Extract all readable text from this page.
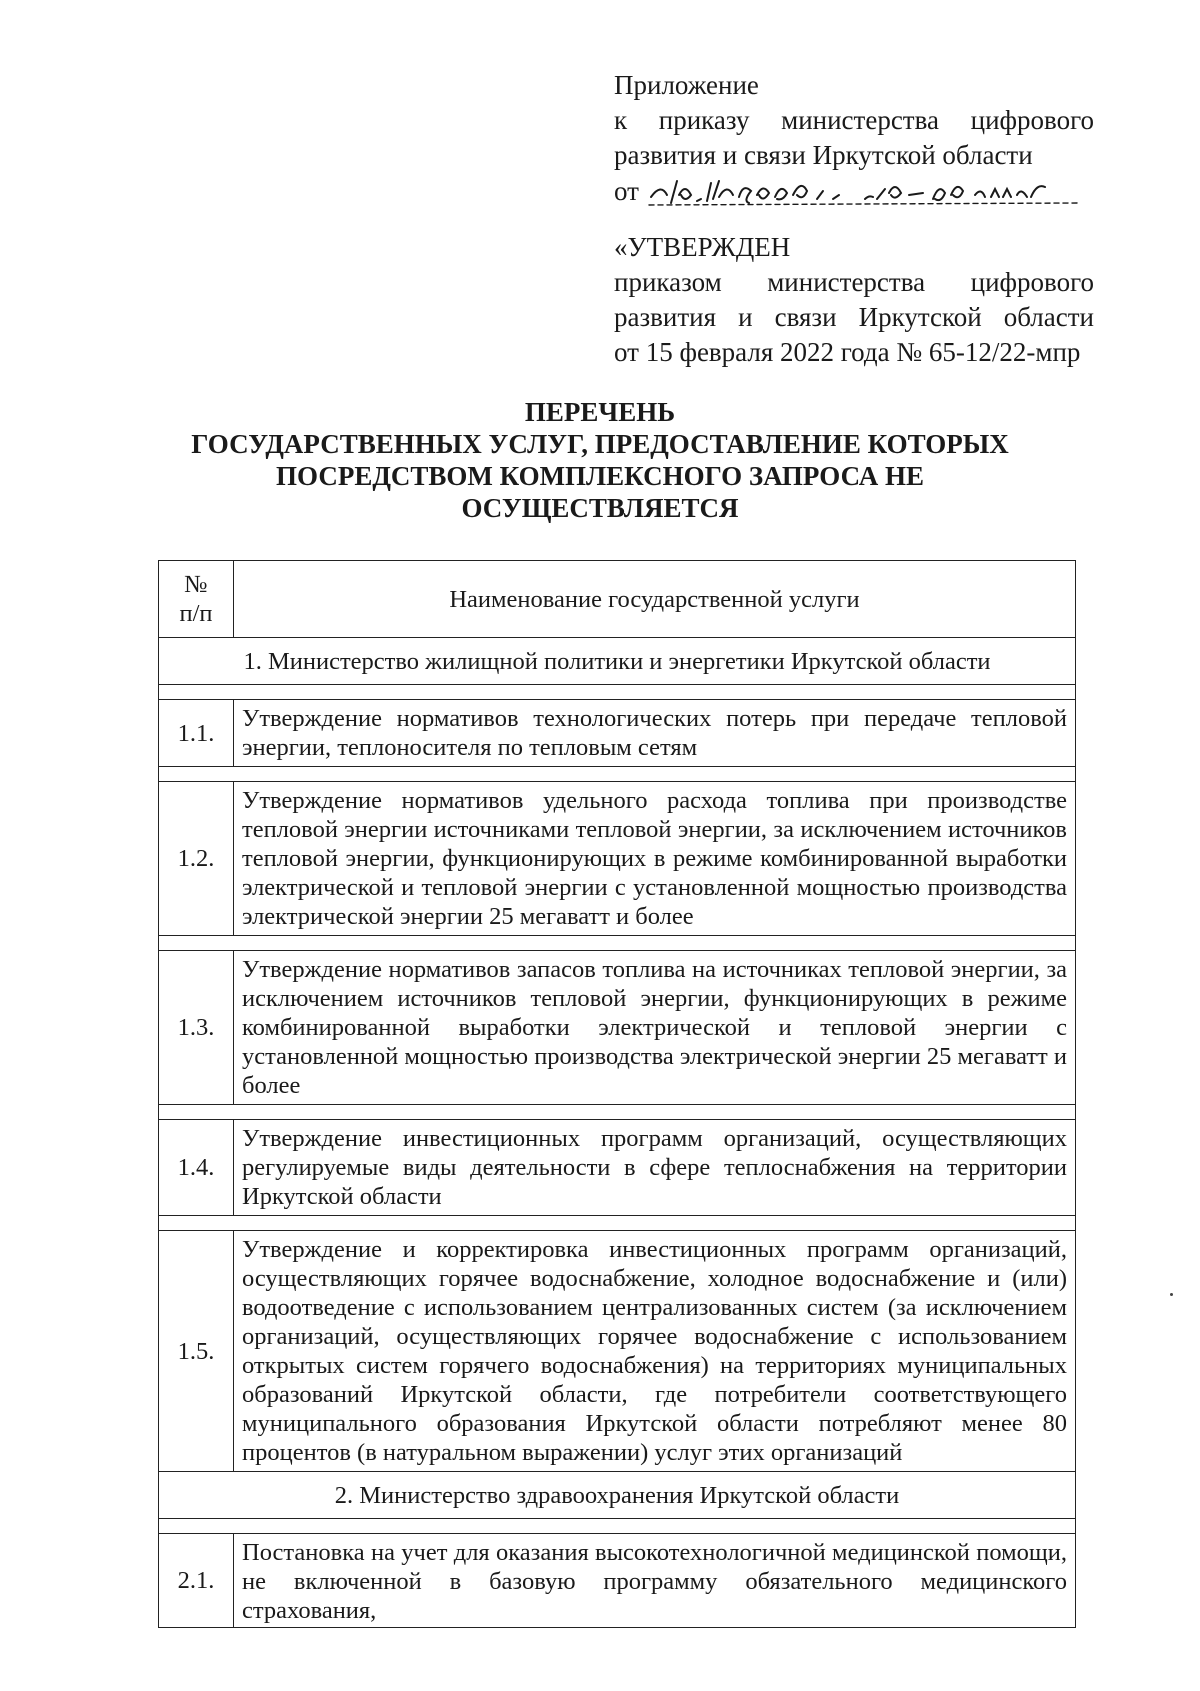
Приложение

к приказу министерства цифрового

развития и связи Иркутской области

от

«УТВЕРЖДЕН

приказом министерства цифрового

развития и связи Иркутской области

от 15 февраля 2022 года № 65-12/22-мпр

ПЕРЕЧЕНЬ
ГОСУДАРСТВЕННЫХ УСЛУГ, ПРЕДОСТАВЛЕНИЕ КОТОРЫХ
ПОСРЕДСТВОМ КОМПЛЕКСНОГО ЗАПРОСА НЕ
ОСУЩЕСТВЛЯЕТСЯ
№
п/п	Наименование государственной услуги
1. Министерство жилищной политики и энергетики Иркутской области	

1.1.	Утверждение нормативов технологических потерь при передаче тепловой энергии, теплоносителя по тепловым сетям

1.2.	Утверждение нормативов удельного расхода топлива при производстве тепловой энергии источниками тепловой энергии, за исключением источников тепловой энергии, функционирующих в режиме комбинированной выработки электрической и тепловой энергии с установленной мощностью производства электрической энергии 25 мегаватт и более

1.3.	Утверждение нормативов запасов топлива на источниках тепловой энергии, за исключением источников тепловой энергии, функционирующих в режиме комбинированной выработки электрической и тепловой энергии с установленной мощностью производства электрической энергии 25 мегаватт и более

1.4.	Утверждение инвестиционных программ организаций, осуществляющих регулируемые виды деятельности в сфере теплоснабжения на территории Иркутской области

1.5.	Утверждение и корректировка инвестиционных программ организаций, осуществляющих горячее водоснабжение, холодное водоснабжение и (или) водоотведение с использованием централизованных систем (за исключением организаций, осуществляющих горячее водоснабжение с использованием открытых систем горячего водоснабжения) на территориях муниципальных образований Иркутской области, где потребители соответствующего муниципального образования Иркутской области потребляют менее 80 процентов (в натуральном выражении) услуг этих организаций
2. Министерство здравоохранения Иркутской области	

2.1.	Постановка на учет для оказания высокотехнологичной медицинской помощи, не включенной в базовую программу обязательного медицинского страхования,
